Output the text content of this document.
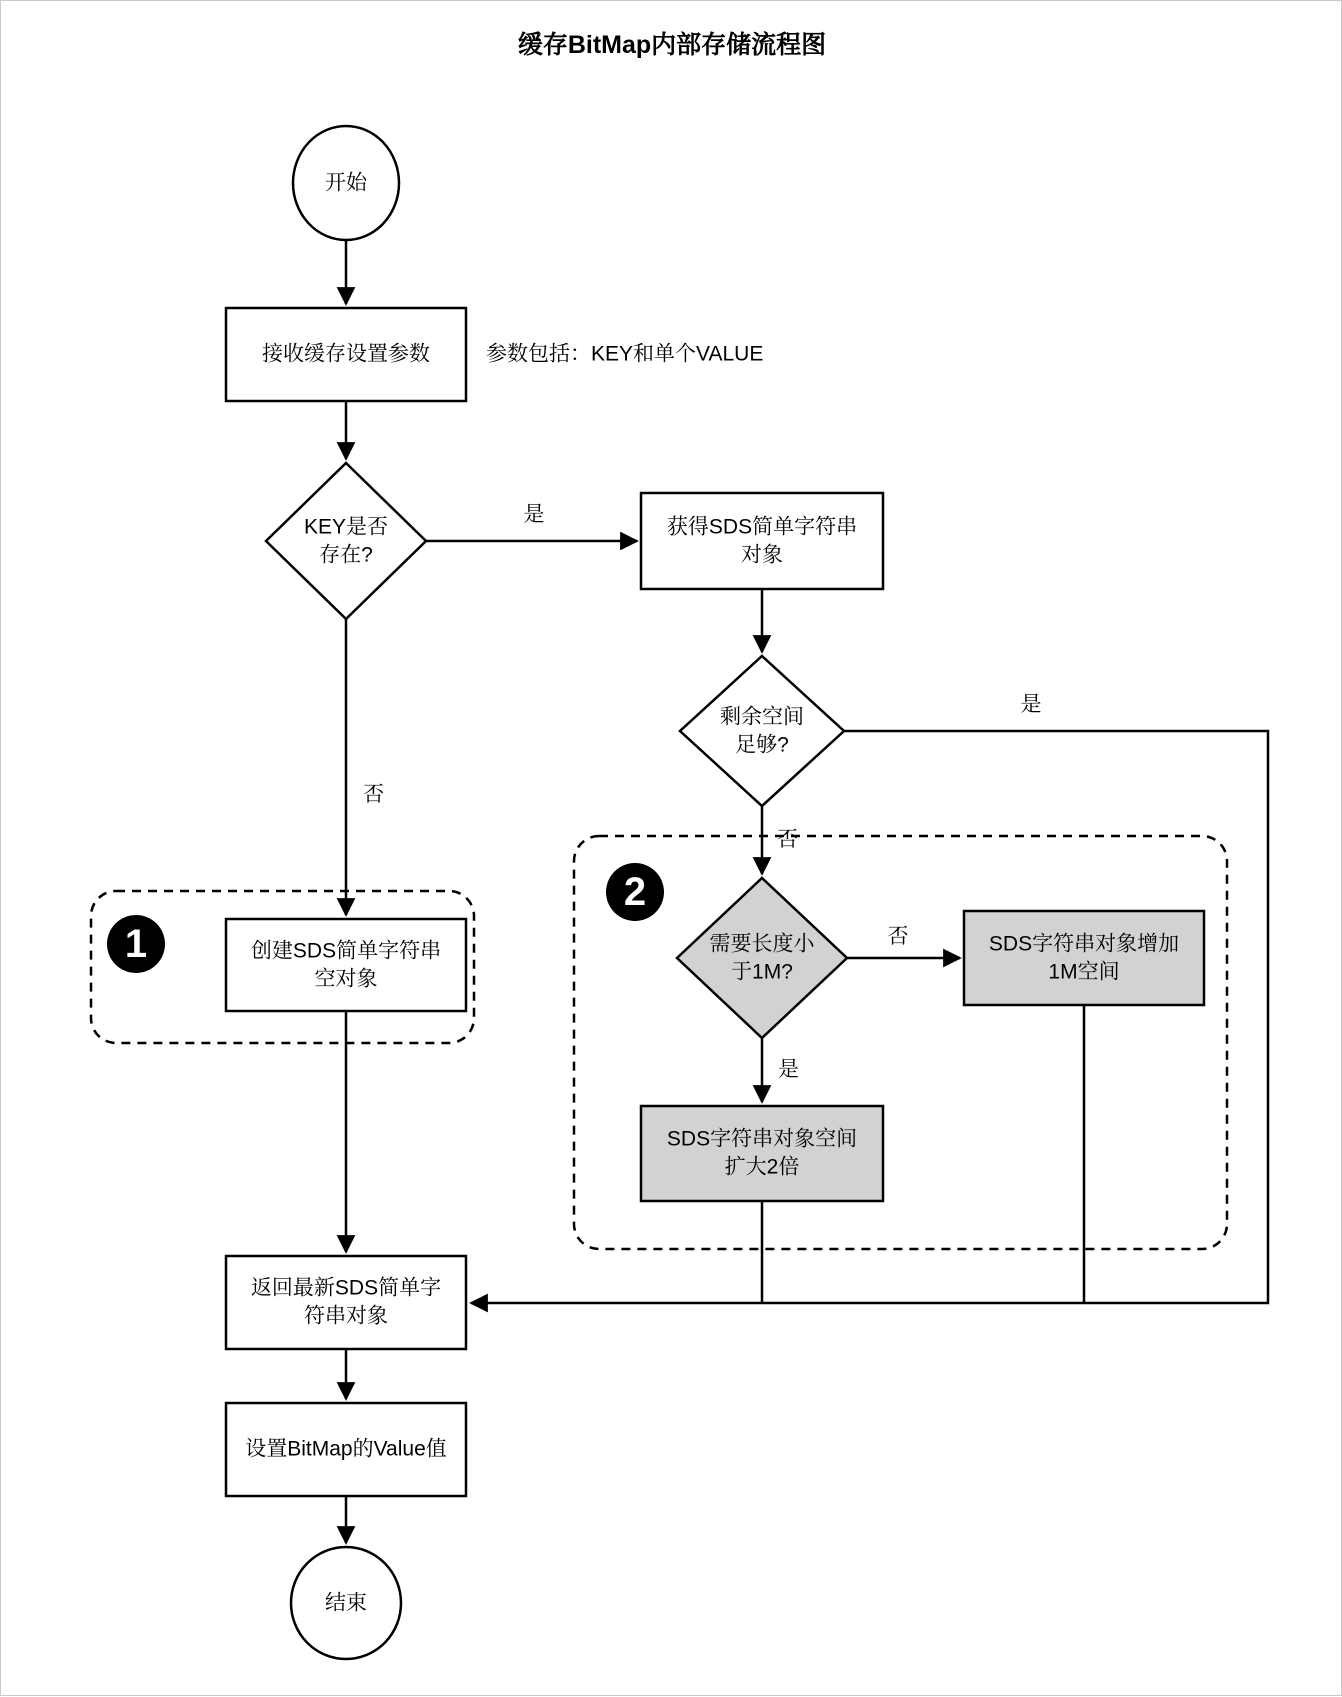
缓存BitMap内部存储流程图
1
2
开始
接收缓存设置参数	参数包括：KEY和单个VALUE
KEY是否
存在?
获得SDS简单字符串
对象
剩余空间
足够?
需要长度小
于1M?
SDS字符串对象增加
1M空间
SDS字符串对象空间
扩大2倍
创建SDS简单字符串
空对象
返回最新SDS简单字
符串对象
设置BitMap的Value值
结束
是
否
是
否
否
是
